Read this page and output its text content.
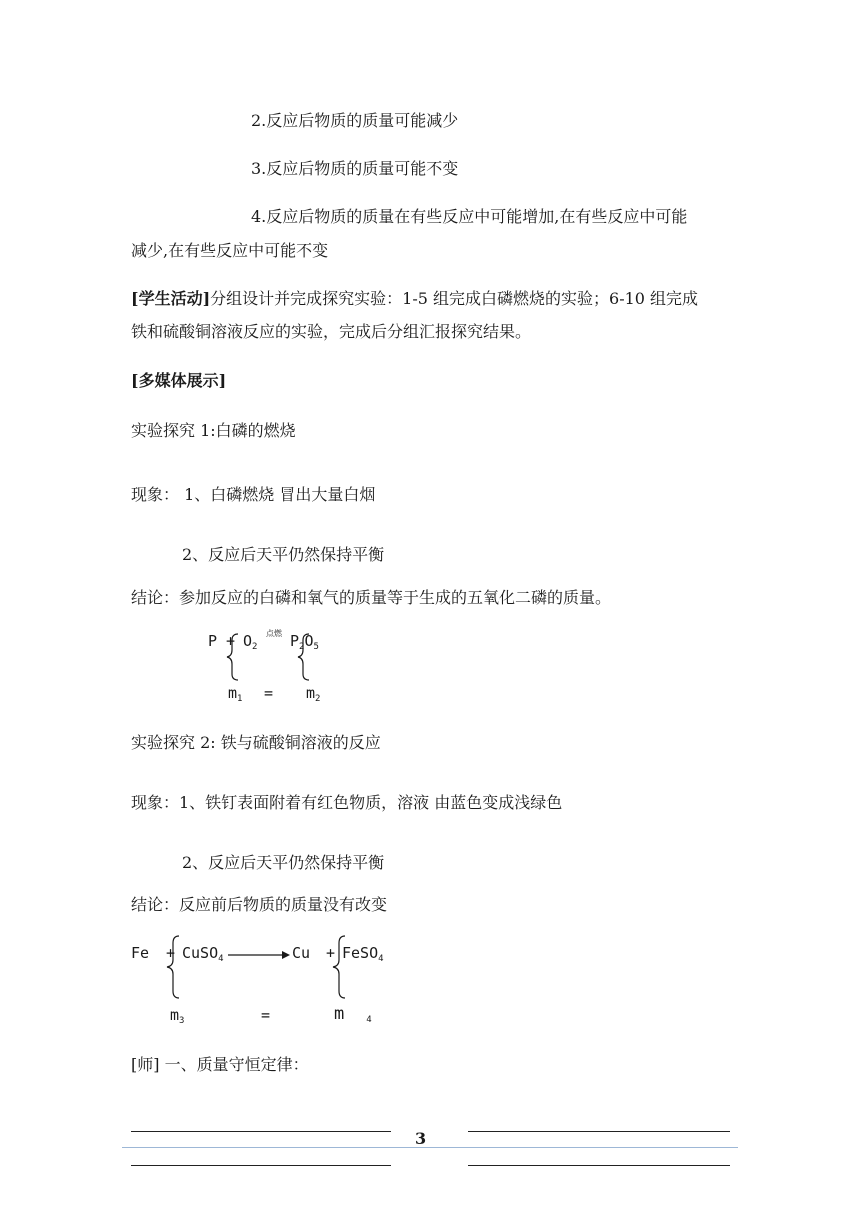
2.反应后物质的质量可能减少
3.反应后物质的质量可能不变
4.反应后物质的质量在有些反应中可能增加,在有些反应中可能
减少,在有些反应中可能不变
[学生活动]分组设计并完成探究实验：1-5 组完成白磷燃烧的实验；6-10 组完成
铁和硫酸铜溶液反应的实验，完成后分组汇报探究结果。
[多媒体展示]
实验探究 1:白磷的燃烧
现象： 1、白磷燃烧 冒出大量白烟
2、反应后天平仍然保持平衡
结论：参加反应的白磷和氧气的质量等于生成的五氧化二磷的质量。
$P + O_2$
点燃 $P_2O_5$
$m_1 = m_2$
实验探究 2: 铁与硫酸铜溶液的反应
现象：1、铁钉表面附着有红色物质，溶液 由蓝色变成浅绿色
2、反应后天平仍然保持平衡
结论：反应前后物质的质量没有改变
Fe + CuSO$_4$ → Cu + FeSO$_4$
$m_3$	=	m $_4$
[师] 一、质量守恒定律：
3
